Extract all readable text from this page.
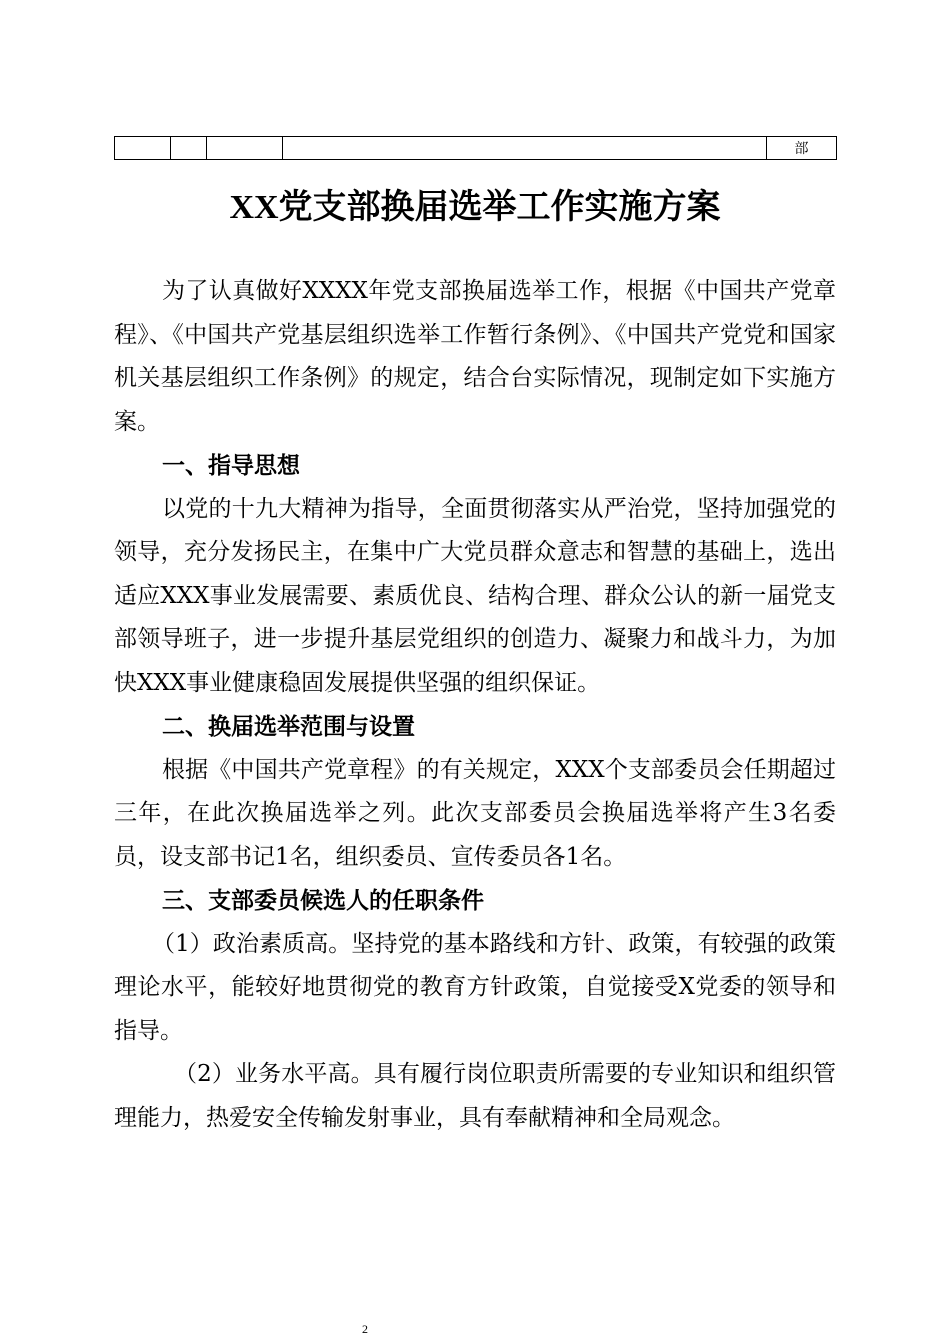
				部
XX党支部换届选举工作实施方案

为了认真做好XXXX年党支部换届选举工作，根据《中国共产党章程》、《中国共产党基层组织选举工作暂行条例》、《中国共产党党和国家机关基层组织工作条例》的规定，结合台实际情况，现制定如下实施方案。

一、指导思想

以党的十九大精神为指导，全面贯彻落实从严治党，坚持加强党的领导，充分发扬民主，在集中广大党员群众意志和智慧的基础上，选出适应XXX事业发展需要、素质优良、结构合理、群众公认的新一届党支部领导班子，进一步提升基层党组织的创造力、凝聚力和战斗力，为加快XXX事业健康稳固发展提供坚强的组织保证。

二、换届选举范围与设置

根据《中国共产党章程》的有关规定，XXX个支部委员会任期超过三年，在此次换届选举之列。此次支部委员会换届选举将产生3名委员，设支部书记1名，组织委员、宣传委员各1名。

三、支部委员候选人的任职条件

（1）政治素质高。坚持党的基本路线和方针、政策，有较强的政策理论水平，能较好地贯彻党的教育方针政策，自觉接受X党委的领导和指导。

（2）业务水平高。具有履行岗位职责所需要的专业知识和组织管理能力，热爱安全传输发射事业，具有奉献精神和全局观念。

2
